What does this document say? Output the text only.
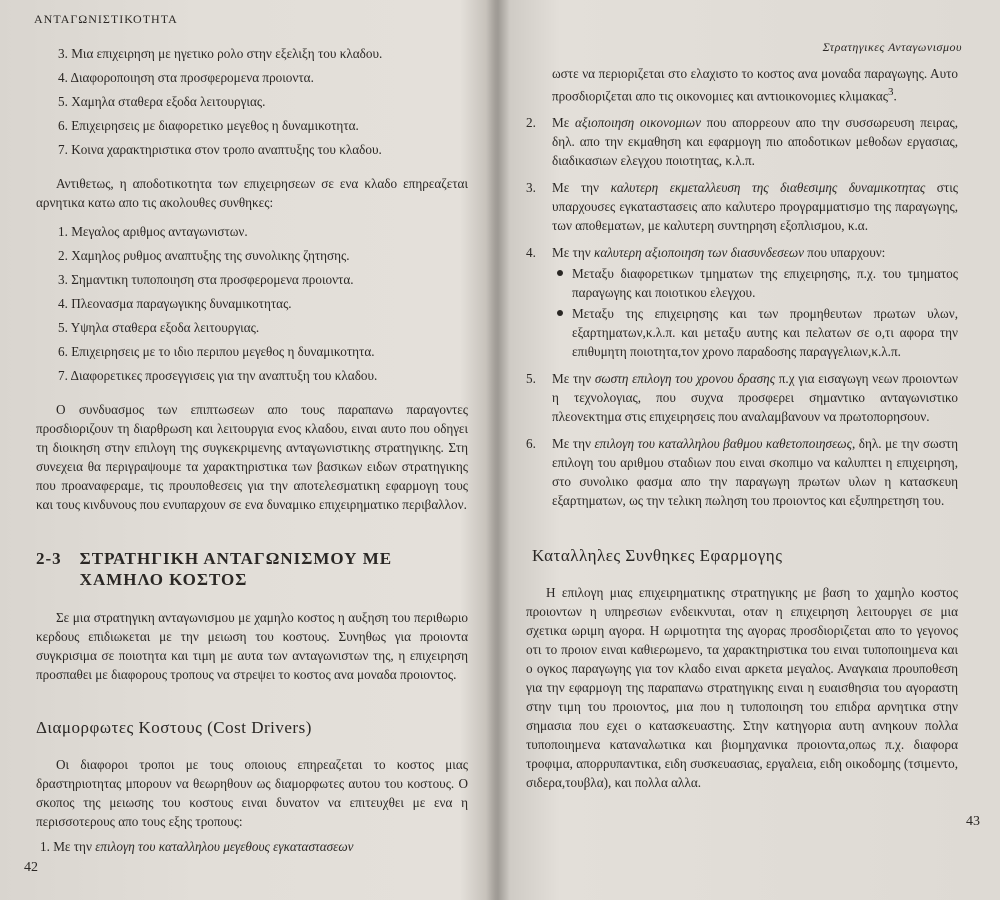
ΑΝΤΑΓΩΝΙΣΤΙΚΟΤΗΤΑ
3. Μια επιχειρηση με ηγετικο ρολο στην εξελιξη του κλαδου.
4. Διαφοροποιηση στα προσφερομενα προιοντα.
5. Χαμηλα σταθερα εξοδα λειτουργιας.
6. Επιχειρησεις με διαφορετικο μεγεθος η δυναμικοτητα.
7. Κοινα χαρακτηριστικα στον τροπο αναπτυξης του κλαδου.

Αντιθετως, η αποδοτικοτητα των επιχειρησεων σε ενα κλαδο επηρεαζεται αρνητικα κατω απο τις ακολουθες συνθηκες:

1. Μεγαλος αριθμος ανταγωνιστων.
2. Χαμηλος ρυθμος αναπτυξης της συνολικης ζητησης.
3. Σημαντικη τυποποιηση στα προσφερομενα προιοντα.
4. Πλεονασμα παραγωγικης δυναμικοτητας.
5. Υψηλα σταθερα εξοδα λειτουργιας.
6. Επιχειρησεις με το ιδιο περιπου μεγεθος η δυναμικοτητα.
7. Διαφορετικες προσεγγισεις για την αναπτυξη του κλαδου.

Ο συνδυασμος των επιπτωσεων απο τους παραπανω παραγοντες προσδιοριζουν τη διαρθρωση και λειτουργια ενος κλαδου, ειναι αυτο που οδηγει τη διοικηση στην επιλογη της συγκεκριμενης ανταγωνιστικης στρατηγικης. Στη συνεχεια θα περιγραψουμε τα χαρακτηριστικα των βασικων ειδων στρατηγικης που προαναφεραμε, τις προυποθεσεις για την αποτελεσματικη εφαρμογη τους και τους κινδυνους που ενυπαρχουν σε ενα δυναμικο επιχειρηματικο περιβαλλον.

2-3 ΣΤΡΑΤΗΓΙΚΗ ΑΝΤΑΓΩΝΙΣΜΟΥ ΜΕ
ΧΑΜΗΛΟ ΚΟΣΤΟΣ

Σε μια στρατηγικη ανταγωνισμου με χαμηλο κοστος η αυξηση του περιθωριο κερδους επιδιωκεται με την μειωση του κοστους. Συνηθως για προιοντα συγκρισιμα σε ποιοτητα και τιμη με αυτα των ανταγωνιστων της, η επιχειρηση προσπαθει με διαφορους τροπους να στρεψει το κοστος ανα μοναδα προιοντος.

Διαμορφωτες Κοστους (Cost Drivers)

Οι διαφοροι τροποι με τους οποιους επηρεαζεται το κοστος μιας δραστηριοτητας μπορουν να θεωρηθουν ως διαμορφωτες αυτου του κοστους. Ο σκοπος της μειωσης του κοστους ειναι δυνατον να επιτευχθει με ενα η περισσοτερους απο τους εξης τροπους:

1. Με την επιλογη του καταλληλου μεγεθους εγκαταστασεων

42
Στρατηγικες Ανταγωνισμου

ωστε να περιοριζεται στο ελαχιστο το κοστος ανα μοναδα παραγωγης. Αυτο προσδιοριζεται απο τις οικονομιες και αντιοικονομιες κλιμακας$^3$.

2. Με αξιοποιηση οικονομιων που απορρεουν απο την συσσωρευση πειρας, δηλ. απο την εκμαθηση και εφαρμογη πιο αποδοτικων μεθοδων εργασιας, διαδικασιων ελεγχου ποιοτητας, κ.λ.π.
3. Με την καλυτερη εκμεταλλευση της διαθεσιμης δυναμικοτητας στις υπαρχουσες εγκαταστασεις απο καλυτερο προγραμματισμο της παραγωγης, των αποθεματων, με καλυτερη συντηρηση εξοπλισμου, κ.α.
4. Με την καλυτερη αξιοποιηση των διασυνδεσεων που υπαρχουν:
Μεταξυ διαφορετικων τμηματων της επιχειρησης, π.χ. του τμηματος παραγωγης και ποιοτικου ελεγχου.
Μεταξυ της επιχειρησης και των προμηθευτων πρωτων υλων, εξαρτηματων,κ.λ.π. και μεταξυ αυτης και πελατων σε ο,τι αφορα την επιθυμητη ποιοτητα,τον χρονο παραδοσης παραγγελιων,κ.λ.π.
5. Με την σωστη επιλογη του χρονου δρασης π.χ για εισαγωγη νεων προιοντων η τεχνολογιας, που συχνα προσφερει σημαντικο ανταγωνιστικο πλεονεκτημα στις επιχειρησεις που αναλαμβανουν να πρωτοπορησουν.
6. Με την επιλογη του καταλληλου βαθμου καθετοποιησεως, δηλ. με την σωστη επιλογη του αριθμου σταδιων που ειναι σκοπιμο να καλυπτει η επιχειρηση, στο συνολικο φασμα απο την παραγωγη πρωτων υλων η κατασκευη εξαρτηματων, ως την τελικη πωληση του προιοντος και εξυπηρετηση του.
Καταλληλες Συνθηκες Εφαρμογης

Η επιλογη μιας επιχειρηματικης στρατηγικης με βαση το χαμηλο κοστος προιοντων η υπηρεσιων ενδεικνυται, οταν η επιχειρηση λειτουργει σε μια σχετικα ωριμη αγορα. Η ωριμοτητα της αγορας προσδιοριζεται απο το γεγονος οτι το προιον ειναι καθιερωμενο, τα χαρακτηριστικα του ειναι τυποποιημενα και ο ογκος παραγωγης για τον κλαδο ειναι αρκετα μεγαλος. Αναγκαια προυποθεση για την εφαρμογη της παραπανω στρατηγικης ειναι η ευαισθησια του αγοραστη στην τιμη του προιοντος, μια που η τυποποιηση του επιδρα αρνητικα στην σημασια που εχει ο κατασκευαστης. Στην κατηγορια αυτη ανηκουν πολλα τυποποιημενα καταναλωτικα και βιομηχανικα προιοντα,οπως π.χ. διαφορα τροφιμα, απορρυπαντικα, ειδη συσκευασιας, εργαλεια, ειδη οικοδομης (τσιμεντο, σιδερα,τουβλα), και πολλα αλλα.

43
